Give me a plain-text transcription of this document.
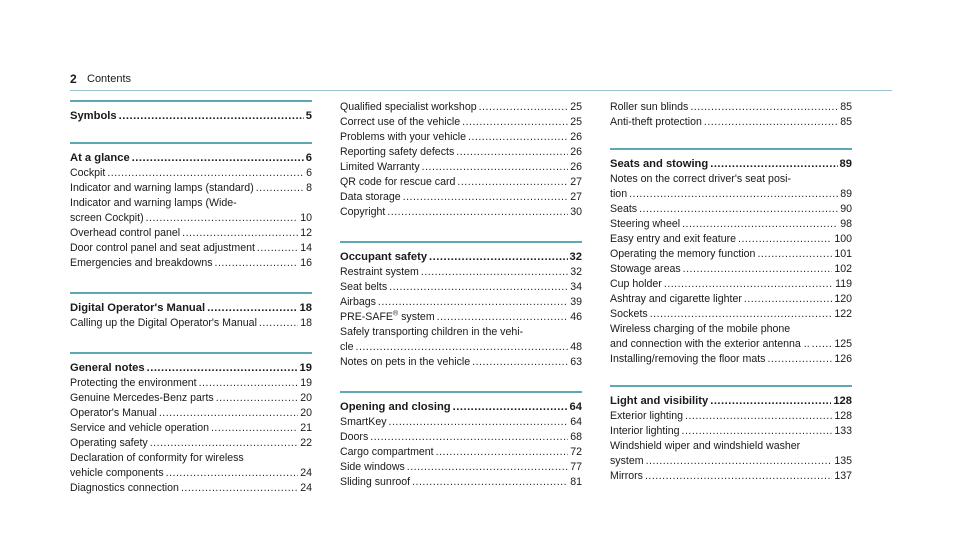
2 Contents
Symbols .....	5
At a glance .....	6
Cockpit .....	6
Indicator and warning lamps (standard) .....	8
Indicator and warning lamps (Wide-
screen Cockpit) .....	10
Overhead control panel .....	12
Door control panel and seat adjustment .....	14
Emergencies and breakdowns .....	16
Digital Operator's Manual .....	18
Calling up the Digital Operator's Manual .....	18
General notes .....	19
Protecting the environment .....	19
Genuine Mercedes-Benz parts .....	20
Operator's Manual .....	20
Service and vehicle operation .....	21
Operating safety .....	22
Declaration of conformity for wireless
vehicle components .....	24
Diagnostics connection .....	24
Qualified specialist workshop .....	25
Correct use of the vehicle .....	25
Problems with your vehicle .....	26
Reporting safety defects .....	26
Limited Warranty .....	26
QR code for rescue card .....	27
Data storage .....	27
Copyright .....	30
Occupant safety .....	32
Restraint system .....	32
Seat belts .....	34
Airbags .....	39
PRE-SAFE® system .....	46
Safely transporting children in the vehi-
cle .....	48
Notes on pets in the vehicle .....	63
Opening and closing .....	64
SmartKey .....	64
Doors .....	68
Cargo compartment .....	72
Side windows .....	77
Sliding sunroof .....	81
Roller sun blinds .....	85
Anti-theft protection .....	85
Seats and stowing .....	89
Notes on the correct driver's seat posi-
tion .....	89
Seats .....	90
Steering wheel .....	98
Easy entry and exit feature .....	100
Operating the memory function .....	101
Stowage areas .....	102
Cup holder .....	119
Ashtray and cigarette lighter .....	120
Sockets .....	122
Wireless charging of the mobile phone
and connection with the exterior antenna .. ..... 125
Installing/removing the floor mats .....	126
Light and visibility .....	128
Exterior lighting .....	128
Interior lighting .....	133
Windshield wiper and windshield washer
system .....	135
Mirrors .....	137
